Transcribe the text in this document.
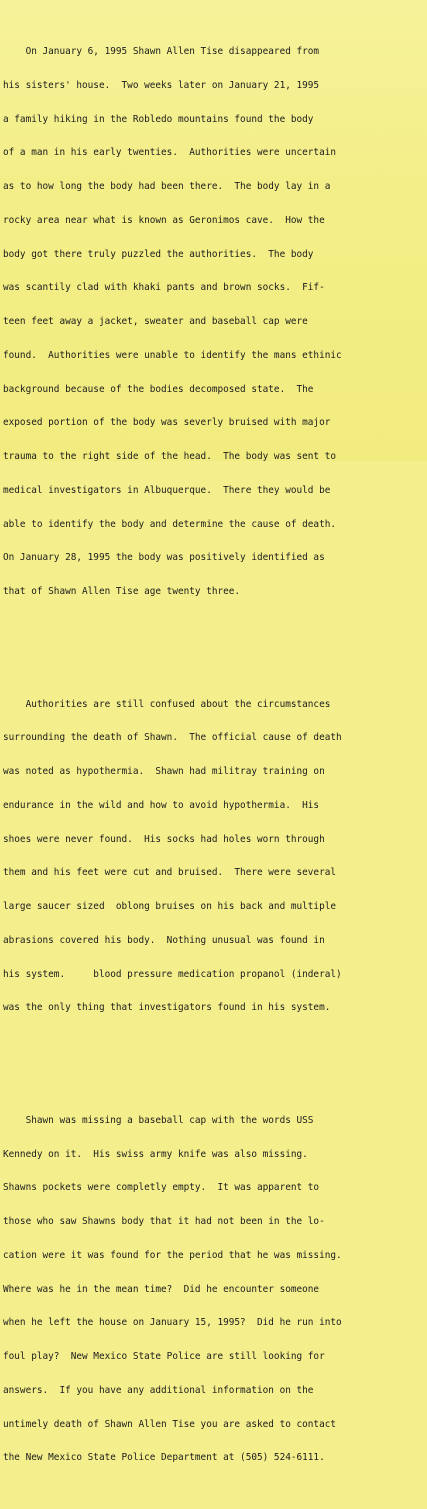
On January 6, 1995 Shawn Allen Tise disappeared from

his sisters' house.  Two weeks later on January 21, 1995

a family hiking in the Robledo mountains found the body

of a man in his early twenties.  Authorities were uncertain

as to how long the body had been there.  The body lay in a

rocky area near what is known as Geronimos cave.  How the

body got there truly puzzled the authorities.  The body

was scantily clad with khaki pants and brown socks.  Fif-

teen feet away a jacket, sweater and baseball cap were

found.  Authorities were unable to identify the mans ethinic

background because of the bodies decomposed state.  The

exposed portion of the body was severly bruised with major

trauma to the right side of the head.  The body was sent to

medical investigators in Albuquerque.  There they would be

able to identify the body and determine the cause of death.

On January 28, 1995 the body was positively identified as

that of Shawn Allen Tise age twenty three.

Authorities are still confused about the circumstances

surrounding the death of Shawn.  The official cause of death

was noted as hypothermia.  Shawn had militray training on

endurance in the wild and how to avoid hypothermia.  His

shoes were never found.  His socks had holes worn through

them and his feet were cut and bruised.  There were several

large saucer sized  oblong bruises on his back and multiple

abrasions covered his body.  Nothing unusual was found in

his system.     blood pressure medication propanol (inderal)

was the only thing that investigators found in his system.

Shawn was missing a baseball cap with the words USS

Kennedy on it.  His swiss army knife was also missing.

Shawns pockets were completly empty.  It was apparent to

those who saw Shawns body that it had not been in the lo-

cation were it was found for the period that he was missing.

Where was he in the mean time?  Did he encounter someone

when he left the house on January 15, 1995?  Did he run into

foul play?  New Mexico State Police are still looking for

answers.  If you have any additional information on the

untimely death of Shawn Allen Tise you are asked to contact

the New Mexico State Police Department at (505) 524-6111.
